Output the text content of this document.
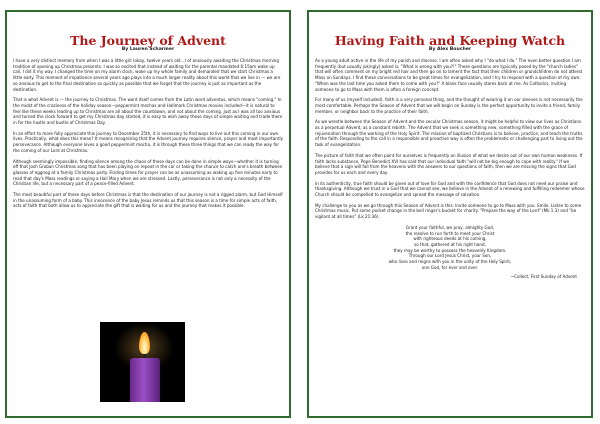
The Journey of Advent
By Lauren Scharmer

I have a very distinct memory from when I was a little girl (okay, twelve years old...) of anxiously awaiting the Christmas morning tradition of opening up Christmas presents. I was so excited that instead of waiting for the parental mandated 6:15am wake up call, I did it my way. I changed the time on my alarm clock, woke up my whole family and demanded that we start Christmas a little early. This moment of impatience several years ago plays into a much larger reality about this world that we live in — we are so anxious to get to the final destination so quickly as possible that we forget that the journey is just as important as the destination.

That is what Advent is — the journey to Christmas. The word itself comes from the Latin word adventus, which means "coming." In the midst of the craziness of the holiday season—peppermint mochas and Hallmark Christmas movies included—it is natural to feel like these weeks leading up to Christmas are all about the countdown, and not about the coming. Just as I was all too anxious and turned the clock forward to get my Christmas day started, it is easy to wish away these days of simple waiting and trade them in for the hustle and bustle of Christmas Day.

In an effort to more fully appreciate this journey to December 25th, it is necessary to find ways to live out this coming in our own lives. Practically, what does this mean? It means recognizing that the Advent journey requires silence, prayer and most importantly perseverance. Although everyone loves a good peppermint mocha, it is through these three things that we can ready the way for the coming of our Lord at Christmas.

Although seemingly impossible, finding silence among the chaos of these days can be done in simple ways—whether it is turning off that Josh Groban Christmas song that has been playing on repeat in the car or taking the chance to catch one's breath between glasses of eggnog at a family Christmas party. Finding times for prayer can be as unassuming as waking up five minutes early to read that day's Mass readings or saying a Hail Mary when we are stressed. Lastly, perseverance is not only a necessity of the Christian life, but a necessary part of a peace-filled Advent.

The most beautiful part of these days before Christmas is that the destination of our journey is not a rigged alarm, but God Himself in the unassuming form of a baby. This innocence of the baby Jesus reminds us that this season is a time for simple acts of faith, acts of faith that both allow us to appreciate the gift that is waiting for us and the journey that makes it possible.

Having Faith and Keeping Watch
By Alex Boucher

As a young adult active in the life of my parish and diocese, I am often asked why I "do what I do." The even better question I am frequently (but usually jokingly) asked is, "What is wrong with you?!" These questions are typically posed by the "church ladies" that will often comment on my bright red hair and then go on to lament the fact that their children or grandchildren do not attend Mass on Sundays. I find these conversations to be great times for evangelization, and I try to respond with a question of my own: "When was the last time you asked them to come with you?" A blank face usually stares back at me. As Catholics, inviting someone to go to Mass with them is often a foreign concept.

For many of us (myself included), faith is a very personal thing, and the thought of wearing it on our sleeves is not necessarily the most comfortable. Perhaps the Season of Advent that we will begin on Sunday is the perfect opportunity to invite a friend, family member, or neighbor back to the practice of their faith.

As we wrestle between the Season of Advent and the secular Christmas season, it might be helpful to view our lives as Christians as a perpetual Advent, as a constant rebirth. The Advent that we seek is something new, something filled with the grace of rejuvenation through the working of the Holy Spirit. The mission of baptized Christians is to believe, practice, and teach the truths of the faith. Responding to the call in a responsible and proactive way is often the problematic or challenging part to living out the task of evangelization.

The picture of faith that we often paint for ourselves is frequently an illusion of what we desire out of our own human weakness. If faith lacks substance, Pope Benedict XVI has said that our individual faith "will not be big enough to cope with reality." If we believe that a sign will fall from the heavens with the answers to our questions of faith, then we are missing the signs that God provides for us each and every day.

In its authenticity, true faith should be given out of love for God and with the confidence that God does not need our praise and thanksgiving. Although we trust in a God that we cannot see, we believe in the Advent of a renewing and fulfilling redeemer whose Church should be compelled to evangelize and spread the message of salvation.

My challenge to you as we go through this Season of Advent is this: Invite someone to go to Mass with you. Smile. Listen to some Christmas music. Put some pocket change in the bell ringer's bucket for charity. "Prepare the way of the Lord" (Mk 1:3) and "be vigilant at all times" (Lk 21:36).

Grant your faithful, we pray, almighty God,
the resolve to run forth to meet your Christ
with righteous deeds at his coming,
so that, gathered at his right hand,
they may be worthy to possess the heavenly Kingdom.
Through our Lord Jesus Christ, your Son,
who lives and reigns with you in the unity of the Holy Spirit,
one God, for ever and ever.
~Collect, First Sunday of Advent
